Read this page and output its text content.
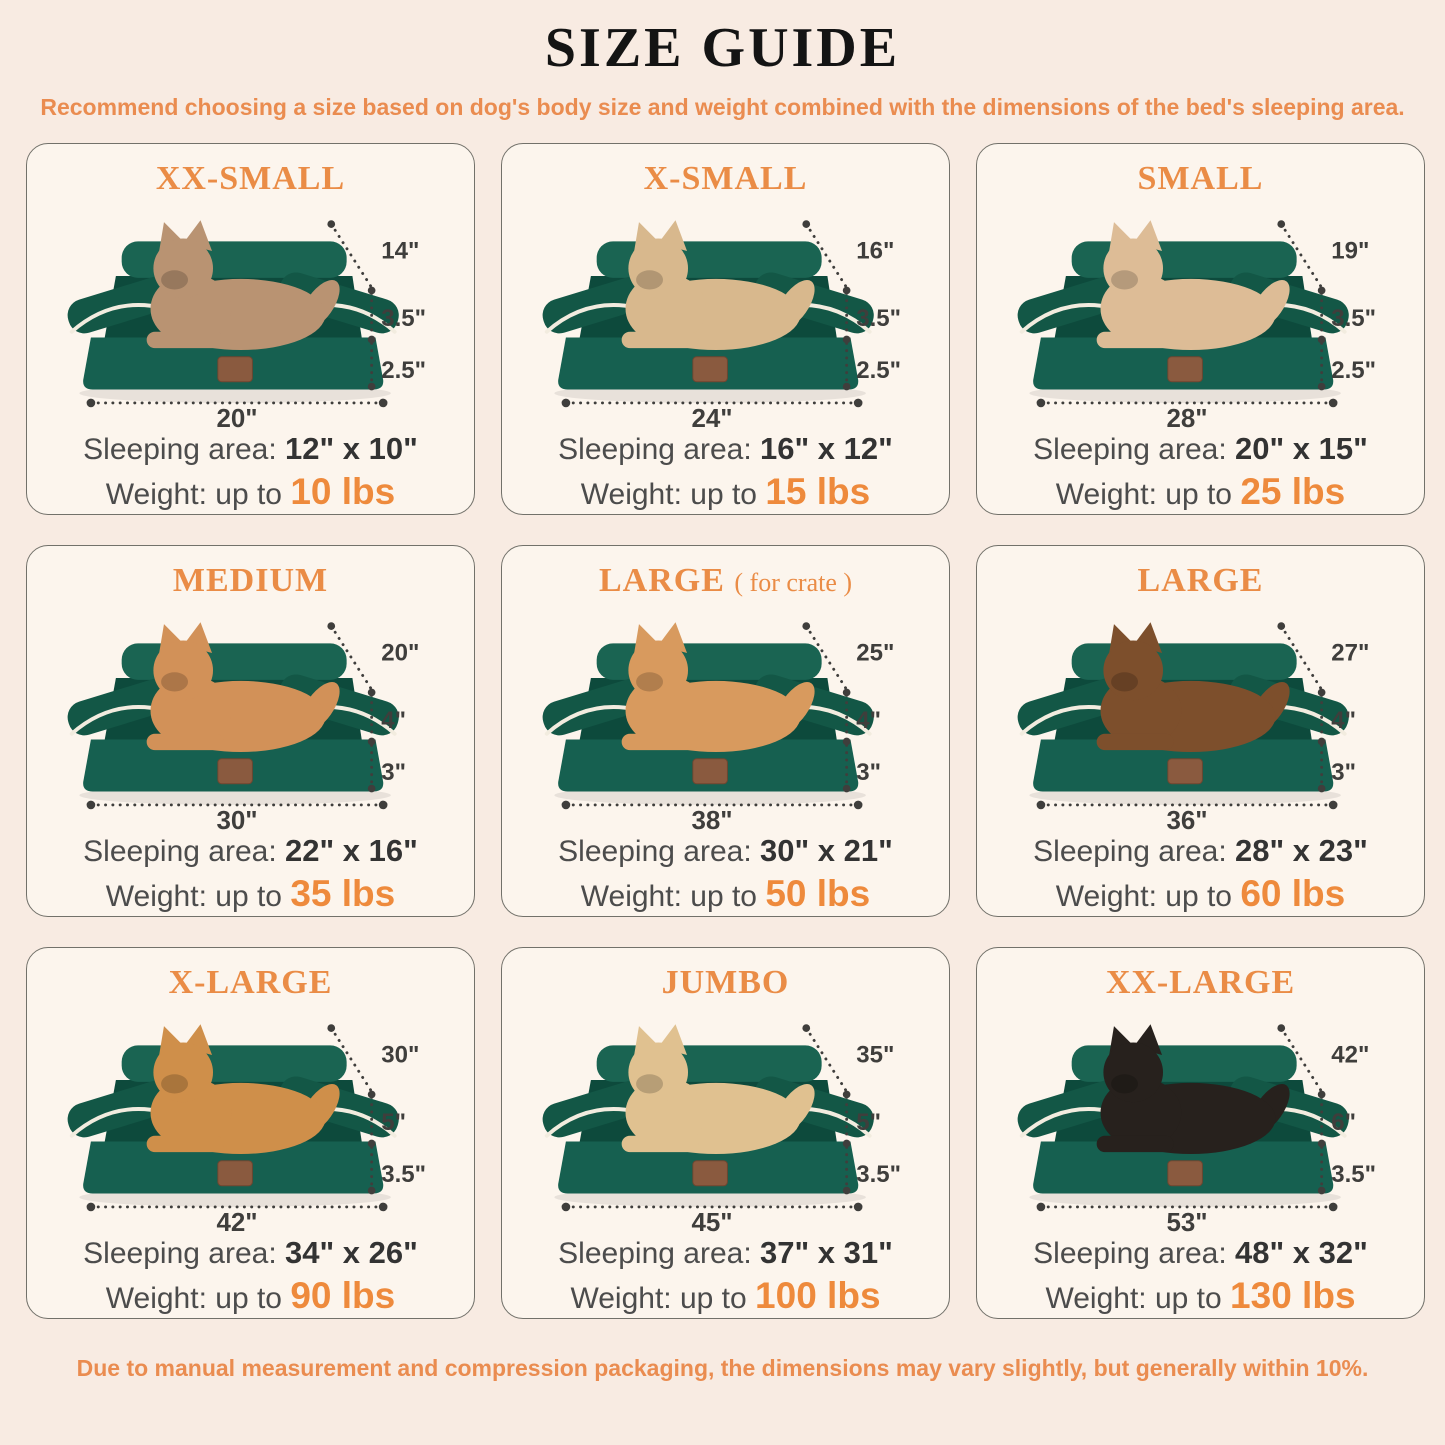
SIZE GUIDE

Recommend choosing a size based on dog's body size and weight combined with the dimensions of the bed's sleeping area.

XX-SMALL
14"
3.5"
2.5"
20"

Sleeping area: 12" x 10"

Weight: up to 10 lbs

X-SMALL
16"
3.5"
2.5"
24"

Sleeping area: 16" x 12"

Weight: up to 15 lbs

SMALL
19"
3.5"
2.5"
28"

Sleeping area: 20" x 15"

Weight: up to 25 lbs

MEDIUM
20"
4"
3"
30"

Sleeping area: 22" x 16"

Weight: up to 35 lbs

LARGE ( for crate )
25"
4"
3"
38"

Sleeping area: 30" x 21"

Weight: up to 50 lbs

LARGE
27"
4"
3"
36"

Sleeping area: 28" x 23"

Weight: up to 60 lbs

X-LARGE
30"
5"
3.5"
42"

Sleeping area: 34" x 26"

Weight: up to 90 lbs

JUMBO
35"
5"
3.5"
45"

Sleeping area: 37" x 31"

Weight: up to 100 lbs

XX-LARGE
42"
6"
3.5"
53"

Sleeping area: 48" x 32"

Weight: up to 130 lbs

Due to manual measurement and compression packaging, the dimensions may vary slightly, but generally within 10%.
